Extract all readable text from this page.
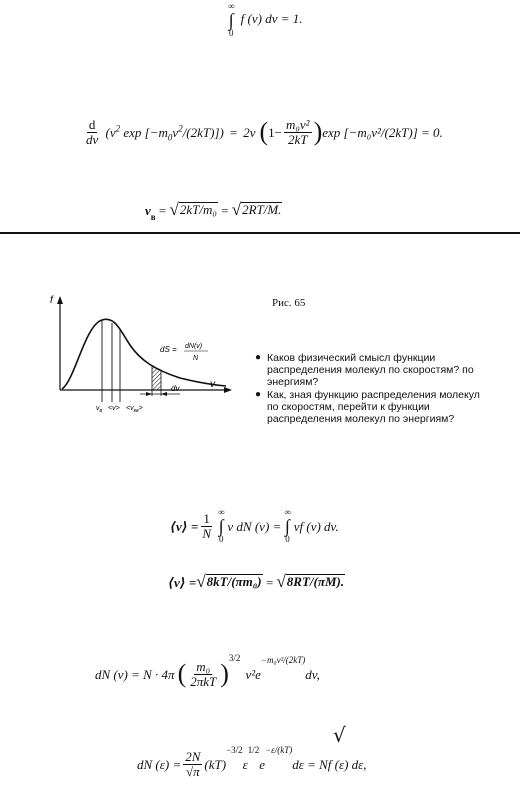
∞
∫
0
f (v) dv = 1.
$\frac{d}{dv} (v^2$ $\exp [-m_0v^2/(2kT)]) = 2v$ ( $1- \frac{\text{m₀v²}}{2kT}$ ) exp [−m₀v²/(2kT)] = 0.
v в = √ 2kT/m₀ = √ 2RT/M.
f
v
dv
dS = dN(v)
N
$v_в <v> <v_{кв}>$
Рис. 65
● Каков физический смысл функции распределения молекул по скоростям? по энергиям?
● Как, зная функцию распределения молекул по скоростям, перейти к функции распределения молекул по энергиям?
⟨v⟩ = $\frac{1}{N}$ ∞
∫
0
v dN (v) =
∞
∫
0
vf (v) dv.
⟨v⟩ = √ 8kT/(πm₀) = √ 8RT/(πM).
dN (v) = N · 4π ( $\frac{\text{m₀}}{\text{2πkT}}$ )
3/2
v²e
−m₀v²/(2kT)
dv,
√
dN $(\varepsilon) = \frac{2N}{√\pi} (kT)$
−3/2
ε
1/2
e
−ε/(kT)
dε = Nf (ε) dε,
